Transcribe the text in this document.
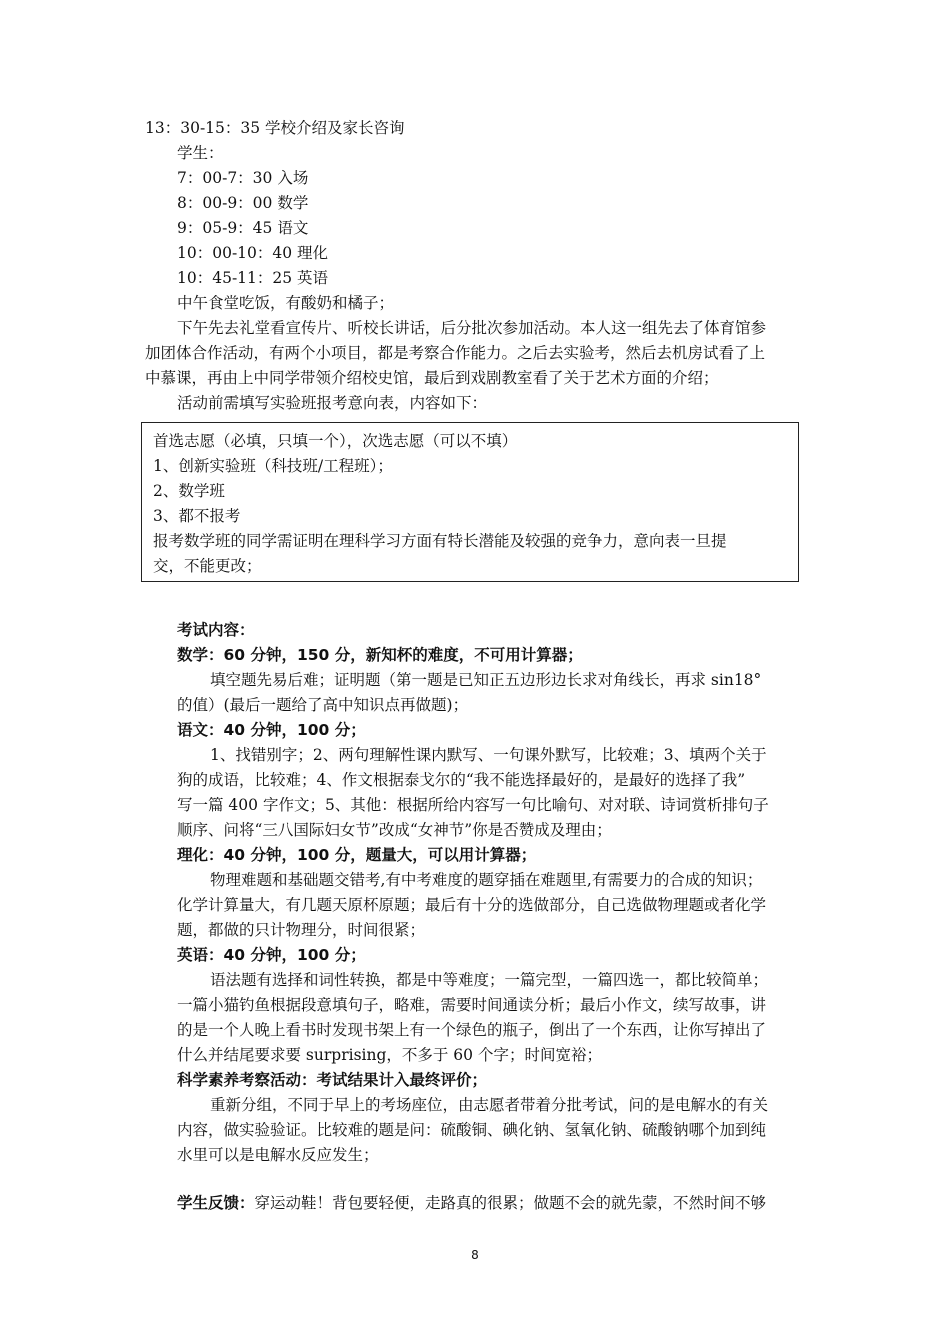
13：30-15：35 学校介绍及家长咨询
学生：
7：00-7：30 入场
8：00-9：00 数学
9：05-9：45 语文
10：00-10：40 理化
10：45-11：25 英语
中午食堂吃饭，有酸奶和橘子；
下午先去礼堂看宣传片、听校长讲话，后分批次参加活动。本人这一组先去了体育馆参
加团体合作活动，有两个小项目，都是考察合作能力。之后去实验考，然后去机房试看了上
中慕课，再由上中同学带领介绍校史馆，最后到戏剧教室看了关于艺术方面的介绍；
活动前需填写实验班报考意向表，内容如下：
首选志愿（必填，只填一个），次选志愿（可以不填）
1、创新实验班（科技班/工程班）；
2、数学班
3、都不报考
报考数学班的同学需证明在理科学习方面有特长潜能及较强的竞争力，意向表一旦提
交，不能更改；
考试内容：
数学：60 分钟，150 分，新知杯的难度，不可用计算器；
填空题先易后难；证明题（第一题是已知正五边形边长求对角线长，再求 sin18°
的值）(最后一题给了高中知识点再做题)；
语文：40 分钟，100 分；
1、找错别字；2、两句理解性课内默写、一句课外默写，比较难；3、填两个关于
狗的成语，比较难；4、作文根据泰戈尔的“我不能选择最好的，是最好的选择了我”
写一篇 400 字作文；5、其他：根据所给内容写一句比喻句、对对联、诗词赏析排句子
顺序、问将“三八国际妇女节”改成“女神节”你是否赞成及理由；
理化：40 分钟，100 分，题量大，可以用计算器；
物理难题和基础题交错考,有中考难度的题穿插在难题里,有需要力的合成的知识；
化学计算量大，有几题天原杯原题；最后有十分的选做部分，自己选做物理题或者化学
题，都做的只计物理分，时间很紧；
英语：40 分钟，100 分；
语法题有选择和词性转换，都是中等难度；一篇完型，一篇四选一，都比较简单；
一篇小猫钓鱼根据段意填句子，略难，需要时间通读分析；最后小作文，续写故事，讲
的是一个人晚上看书时发现书架上有一个绿色的瓶子，倒出了一个东西，让你写掉出了
什么并结尾要求要 surprising，不多于 60 个字；时间宽裕；
科学素养考察活动：考试结果计入最终评价；
重新分组，不同于早上的考场座位，由志愿者带着分批考试，问的是电解水的有关
内容，做实验验证。比较难的题是问：硫酸铜、碘化钠、氢氧化钠、硫酸钠哪个加到纯
水里可以是电解水反应发生；
学生反馈：穿运动鞋！背包要轻便，走路真的很累；做题不会的就先蒙，不然时间不够
8
